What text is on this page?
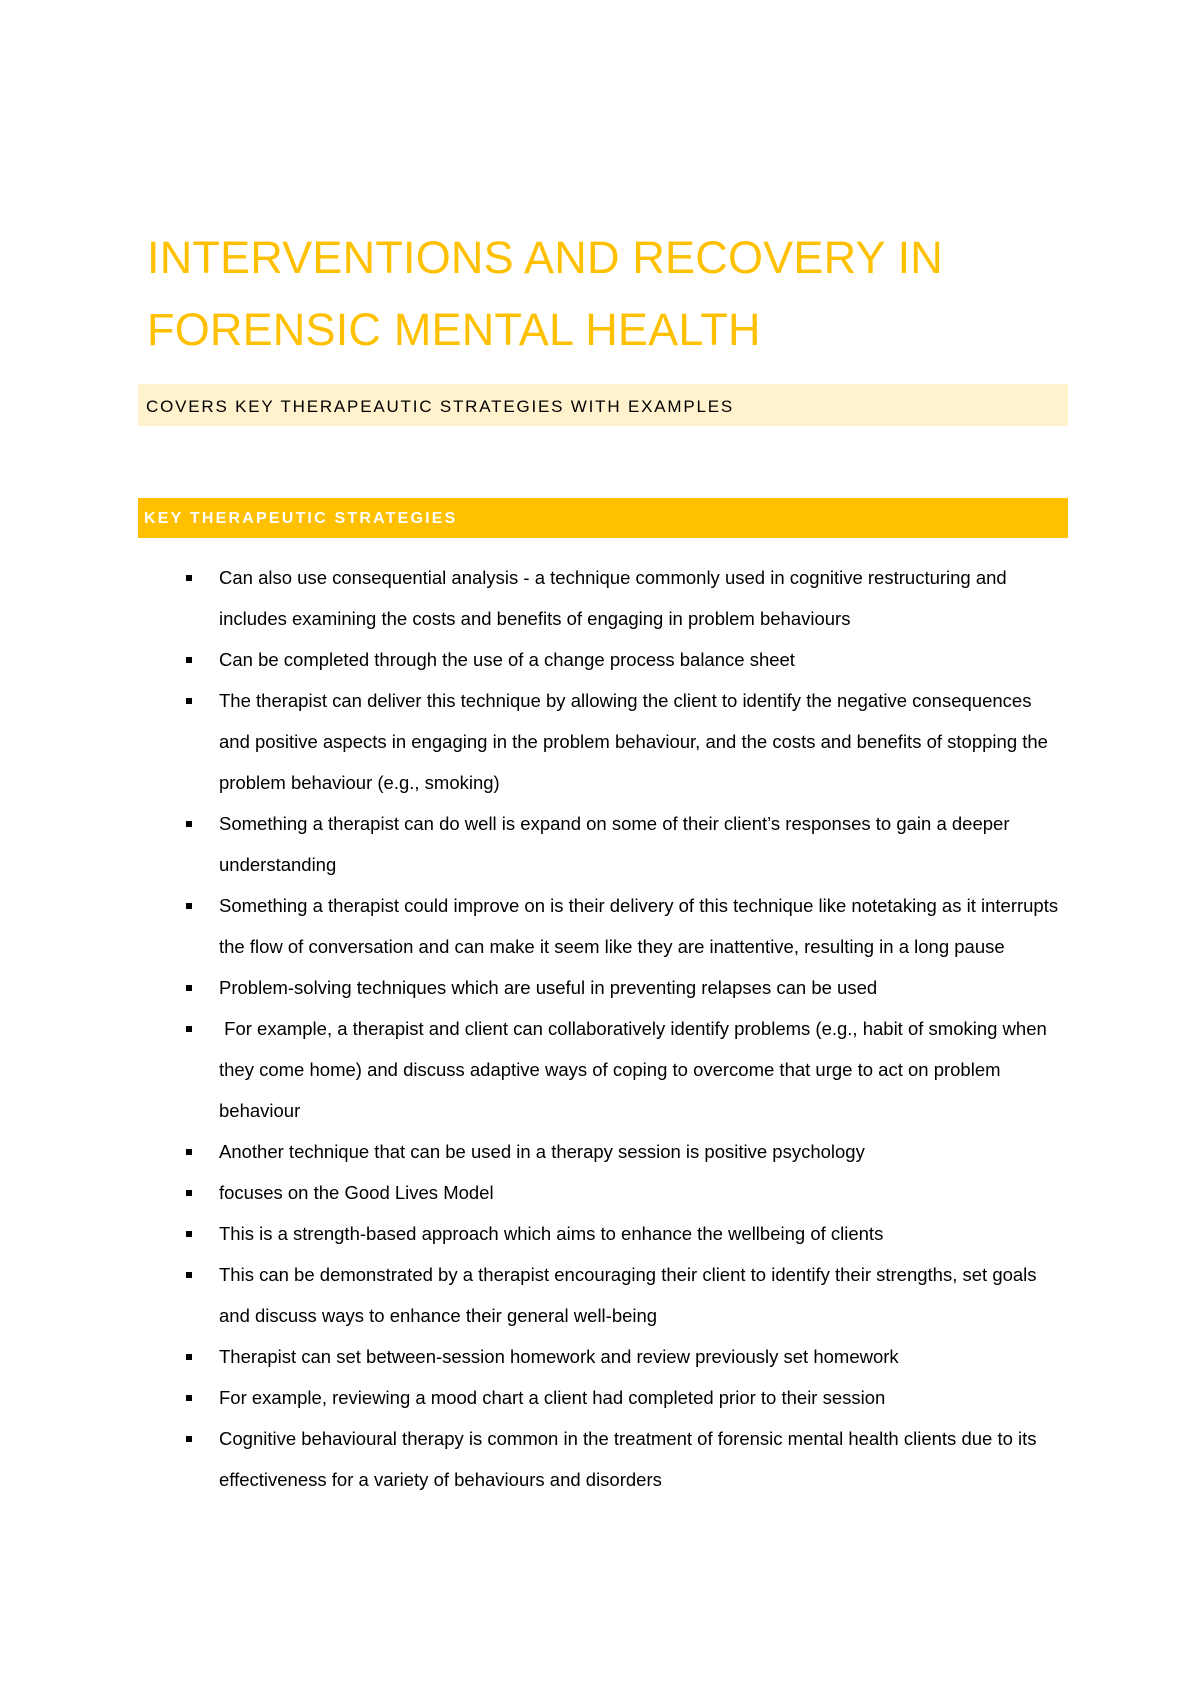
INTERVENTIONS AND RECOVERY IN FORENSIC MENTAL HEALTH
COVERS KEY THERAPEAUTIC STRATEGIES WITH EXAMPLES
KEY THERAPEUTIC STRATEGIES
Can also use consequential analysis - a technique commonly used in cognitive restructuring and includes examining the costs and benefits of engaging in problem behaviours
Can be completed through the use of a change process balance sheet
The therapist can deliver this technique by allowing the client to identify the negative consequences and positive aspects in engaging in the problem behaviour, and the costs and benefits of stopping the problem behaviour (e.g., smoking)
Something a therapist can do well is expand on some of their client’s responses to gain a deeper understanding
Something a therapist could improve on is their delivery of this technique like notetaking as it interrupts the flow of conversation and can make it seem like they are inattentive, resulting in a long pause
Problem-solving techniques which are useful in preventing relapses can be used
For example, a therapist and client can collaboratively identify problems (e.g., habit of smoking when they come home) and discuss adaptive ways of coping to overcome that urge to act on problem behaviour
Another technique that can be used in a therapy session is positive psychology
focuses on the Good Lives Model
This is a strength-based approach which aims to enhance the wellbeing of clients
This can be demonstrated by a therapist encouraging their client to identify their strengths, set goals and discuss ways to enhance their general well-being
Therapist can set between-session homework and review previously set homework
For example, reviewing a mood chart a client had completed prior to their session
Cognitive behavioural therapy is common in the treatment of forensic mental health clients due to its effectiveness for a variety of behaviours and disorders
